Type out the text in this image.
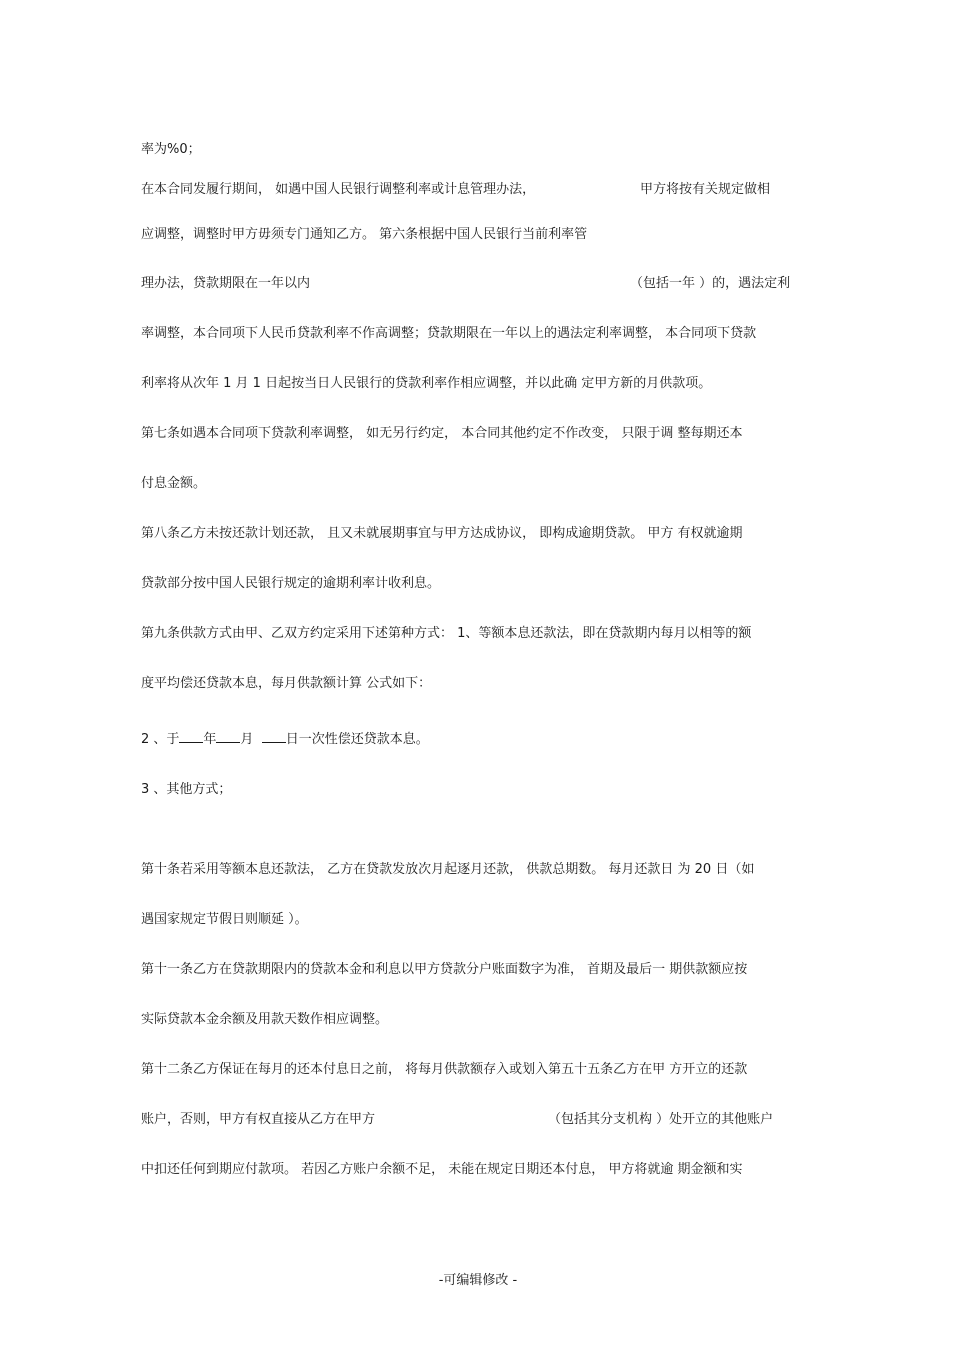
率为%0；

在本合同发履行期间， 如遇中国人民银行调整利率或计息管理办法，	甲方将按有关规定做相

应调整，调整时甲方毋须专门通知乙方。 第六条根据中国人民银行当前利率管

理办法，贷款期限在一年以内	（包括一年 ）的，遇法定利

率调整，本合同项下人民币贷款利率不作高调整；贷款期限在一年以上的遇法定利率调整， 本合同项下贷款

利率将从次年 1 月 1 日起按当日人民银行的贷款利率作相应调整，并以此确 定甲方新的月供款项。

第七条如遇本合同项下贷款利率调整， 如无另行约定， 本合同其他约定不作改变， 只限于调 整每期还本

付息金额。

第八条乙方未按还款计划还款， 且又未就展期事宜与甲方达成协议， 即构成逾期贷款。 甲方 有权就逾期

贷款部分按中国人民银行规定的逾期利率计收利息。

第九条供款方式由甲、乙双方约定采用下述第种方式： 1、等额本息还款法，即在贷款期内每月以相等的额

度平均偿还贷款本息，每月供款额计算 公式如下：

2 、于 年 月 日一次性偿还贷款本息。

3 、其他方式；

第十条若采用等额本息还款法， 乙方在贷款发放次月起逐月还款， 供款总期数。 每月还款日 为 20 日（如

遇国家规定节假日则顺延 ）。

第十一条乙方在贷款期限内的贷款本金和利息以甲方贷款分户账面数字为准， 首期及最后一 期供款额应按

实际贷款本金余额及用款天数作相应调整。

第十二条乙方保证在每月的还本付息日之前， 将每月供款额存入或划入第五十五条乙方在甲 方开立的还款

账户，否则，甲方有权直接从乙方在甲方	（包括其分支机构 ）处开立的其他账户

中扣还任何到期应付款项。 若因乙方账户余额不足， 未能在规定日期还本付息， 甲方将就逾 期金额和实

-可编辑修改 -
